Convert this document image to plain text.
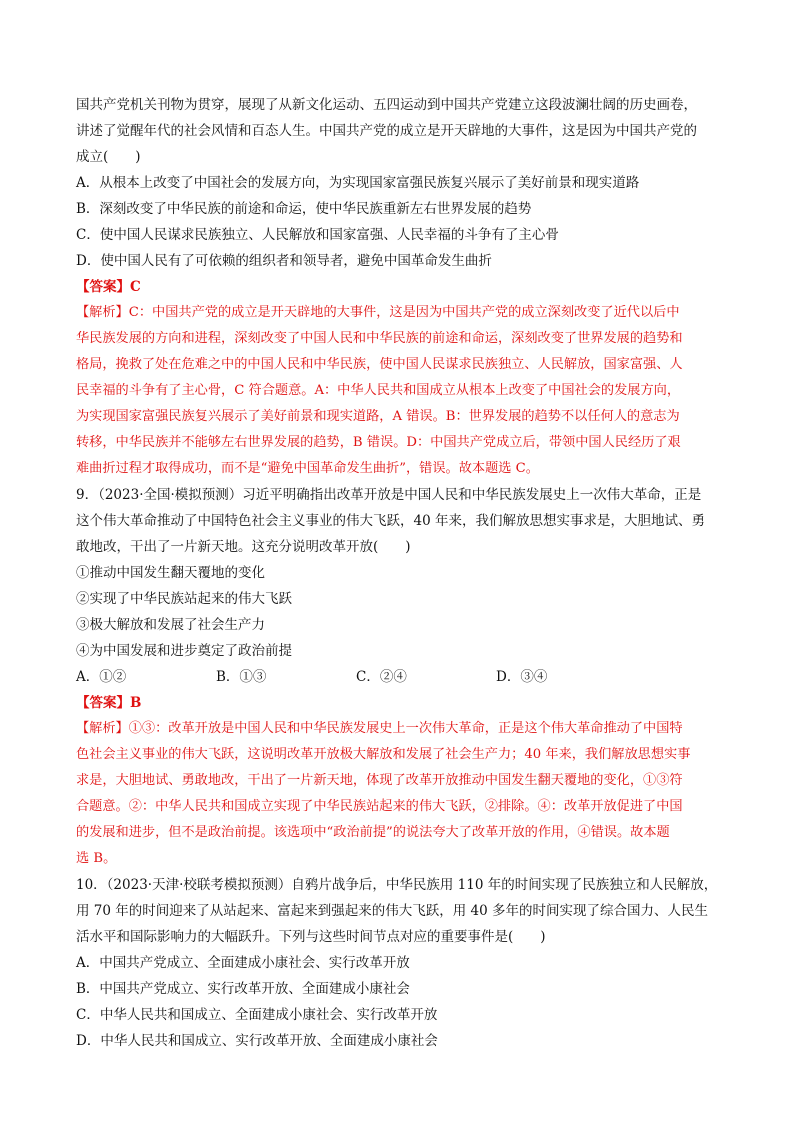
国共产党机关刊物为贯穿，展现了从新文化运动、五四运动到中国共产党建立这段波澜壮阔的历史画卷，
讲述了觉醒年代的社会风情和百态人生。中国共产党的成立是开天辟地的大事件，这是因为中国共产党的
成立(　　)
A．从根本上改变了中国社会的发展方向，为实现国家富强民族复兴展示了美好前景和现实道路
B．深刻改变了中华民族的前途和命运，使中华民族重新左右世界发展的趋势
C．使中国人民谋求民族独立、人民解放和国家富强、人民幸福的斗争有了主心骨
D．使中国人民有了可依赖的组织者和领导者，避免中国革命发生曲折
【答案】C
【解析】C：中国共产党的成立是开天辟地的大事件，这是因为中国共产党的成立深刻改变了近代以后中
华民族发展的方向和进程，深刻改变了中国人民和中华民族的前途和命运，深刻改变了世界发展的趋势和
格局，挽救了处在危难之中的中国人民和中华民族，使中国人民谋求民族独立、人民解放，国家富强、人
民幸福的斗争有了主心骨，C 符合题意。A：中华人民共和国成立从根本上改变了中国社会的发展方向，
为实现国家富强民族复兴展示了美好前景和现实道路，A 错误。B：世界发展的趋势不以任何人的意志为
转移，中华民族并不能够左右世界发展的趋势，B 错误。D：中国共产党成立后，带领中国人民经历了艰
难曲折过程才取得成功，而不是“避免中国革命发生曲折”，错误。故本题选 C。
9．（2023·全国·模拟预测）习近平明确指出改革开放是中国人民和中华民族发展史上一次伟大革命，正是
这个伟大革命推动了中国特色社会主义事业的伟大飞跃，40 年来，我们解放思想实事求是，大胆地试、勇
敢地改，干出了一片新天地。这充分说明改革开放(　　)
①推动中国发生翻天覆地的变化
②实现了中华民族站起来的伟大飞跃
③极大解放和发展了社会生产力
④为中国发展和进步奠定了政治前提
A．①②	B．①③	C．②④	D．③④
【答案】B
【解析】①③：改革开放是中国人民和中华民族发展史上一次伟大革命，正是这个伟大革命推动了中国特
色社会主义事业的伟大飞跃，这说明改革开放极大解放和发展了社会生产力；40 年来，我们解放思想实事
求是，大胆地试、勇敢地改，干出了一片新天地，体现了改革开放推动中国发生翻天覆地的变化，①③符
合题意。②：中华人民共和国成立实现了中华民族站起来的伟大飞跃，②排除。④：改革开放促进了中国
的发展和进步，但不是政治前提。该选项中“政治前提”的说法夸大了改革开放的作用，④错误。故本题
选 B。
10．（2023·天津·校联考模拟预测）自鸦片战争后，中华民族用 110 年的时间实现了民族独立和人民解放，
用 70 年的时间迎来了从站起来、富起来到强起来的伟大飞跃，用 40 多年的时间实现了综合国力、人民生
活水平和国际影响力的大幅跃升。下列与这些时间节点对应的重要事件是(　　)
A．中国共产党成立、全面建成小康社会、实行改革开放
B．中国共产党成立、实行改革开放、全面建成小康社会
C．中华人民共和国成立、全面建成小康社会、实行改革开放
D．中华人民共和国成立、实行改革开放、全面建成小康社会
